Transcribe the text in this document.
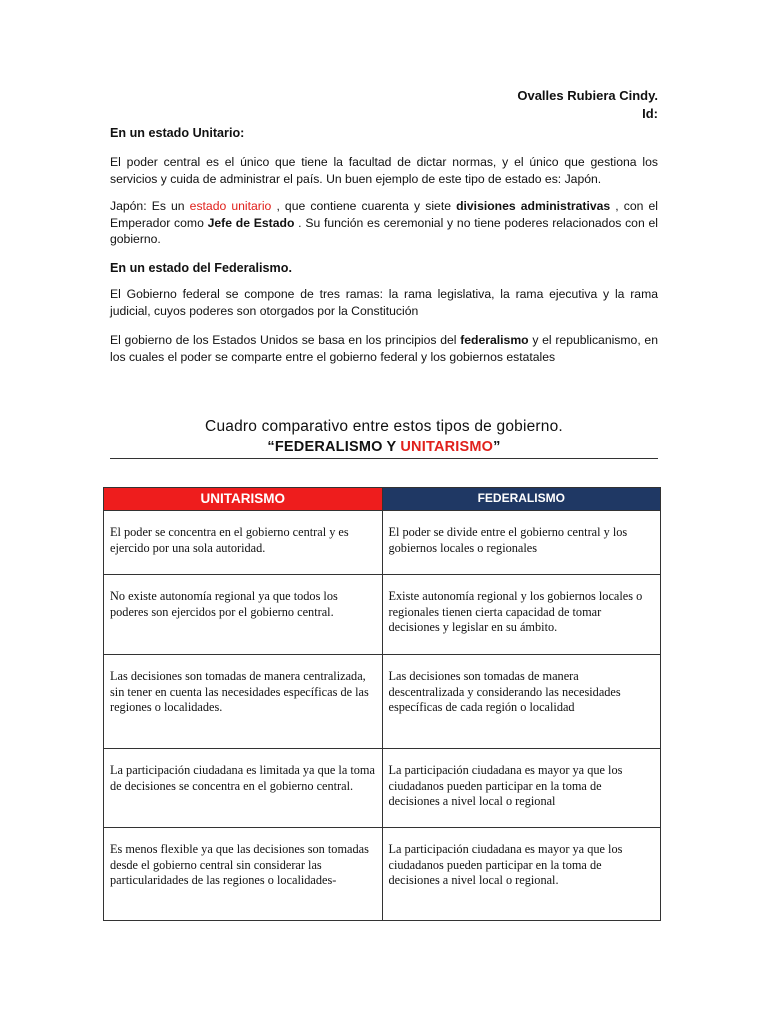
Ovalles Rubiera Cindy.
Id:

En un estado Unitario:

El poder central es el único que tiene la facultad de dictar normas, y el único que gestiona los servicios y cuida de administrar el país. Un buen ejemplo de este tipo de estado es: Japón.

Japón: Es un estado unitario , que contiene cuarenta y siete divisiones administrativas , con el Emperador como Jefe de Estado . Su función es ceremonial y no tiene poderes relacionados con el gobierno.

En un estado del Federalismo.

El Gobierno federal se compone de tres ramas: la rama legislativa, la rama ejecutiva y la rama judicial, cuyos poderes son otorgados por la Constitución

El gobierno de los Estados Unidos se basa en los principios del federalismo y el republicanismo, en los cuales el poder se comparte entre el gobierno federal y los gobiernos estatales

Cuadro comparativo entre estos tipos de gobierno.
“FEDERALISMO Y UNITARISMO”
UNITARISMO	FEDERALISMO
El poder se concentra en el gobierno central y es ejercido por una sola autoridad.	El poder se divide entre el gobierno central y los gobiernos locales o regionales
No existe autonomía regional ya que todos los poderes son ejercidos por el gobierno central.	Existe autonomía regional y los gobiernos locales o regionales tienen cierta capacidad de tomar decisiones y legislar en su ámbito.
Las decisiones son tomadas de manera centralizada, sin tener en cuenta las necesidades específicas de las regiones o localidades.	Las decisiones son tomadas de manera descentralizada y considerando las necesidades específicas de cada región o localidad
La participación ciudadana es limitada ya que la toma de decisiones se concentra en el gobierno central.	La participación ciudadana es mayor ya que los ciudadanos pueden participar en la toma de decisiones a nivel local o regional
Es menos flexible ya que las decisiones son tomadas desde el gobierno central sin considerar las particularidades de las regiones o localidades-	La participación ciudadana es mayor ya que los ciudadanos pueden participar en la toma de decisiones a nivel local o regional.
